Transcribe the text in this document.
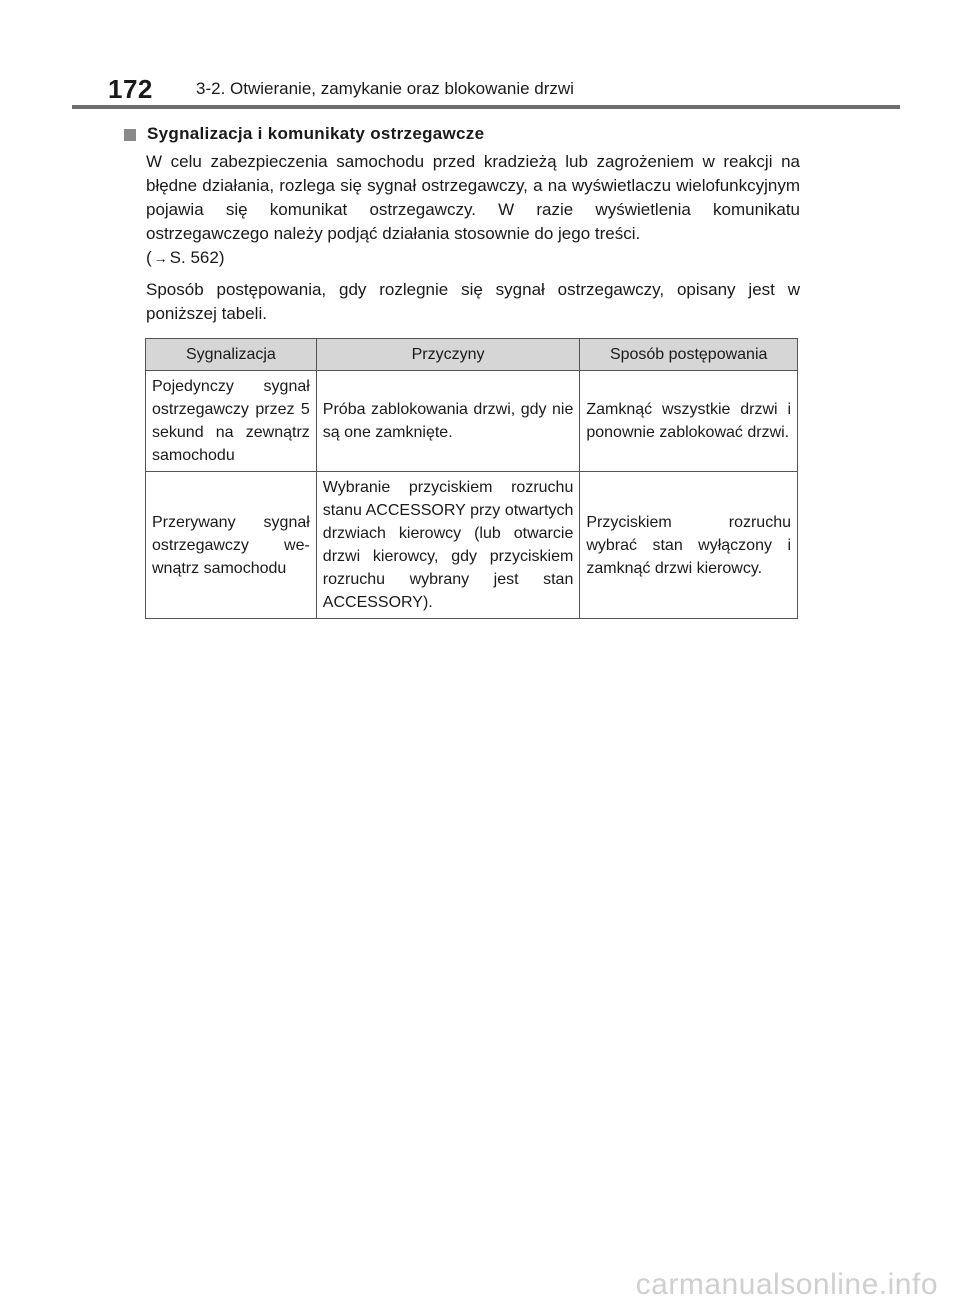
172	3-2. Otwieranie, zamykanie oraz blokowanie drzwi
Sygnalizacja i komunikaty ostrzegawcze

W celu zabezpieczenia samochodu przed kradzieżą lub zagrożeniem w reakcji na błędne działania, rozlega się sygnał ostrzegawczy, a na wyświetlaczu wielofunkcyjnym pojawia się komunikat ostrzegawczy. W razie wyświetlenia komunikatu ostrzegawczego należy podjąć działania stosownie do jego treści.
( → S. 562)

Sposób postępowania, gdy rozlegnie się sygnał ostrzegawczy, opisany jest w poniższej tabeli.

Sygnalizacja	Przyczyny	Sposób postępowania
Pojedynczy sygnał ostrzegawczy przez 5 sekund na zewnątrz samochodu	Próba zablokowania drzwi, gdy nie są one zamknięte.	Zamknąć wszystkie drzwi i ponownie zablokować drzwi.
Przerywany sygnał ostrzegawczy wewnątrz samochodu	Wybranie przyciskiem rozruchu stanu ACCESSORY przy otwartych drzwiach kierowcy (lub otwarcie drzwi kierowcy, gdy przyciskiem rozruchu wybrany jest stan ACCESSORY).	Przyciskiem rozruchu wybrać stan wyłączony i zamknąć drzwi kierowcy.
carmanualsonline.info
